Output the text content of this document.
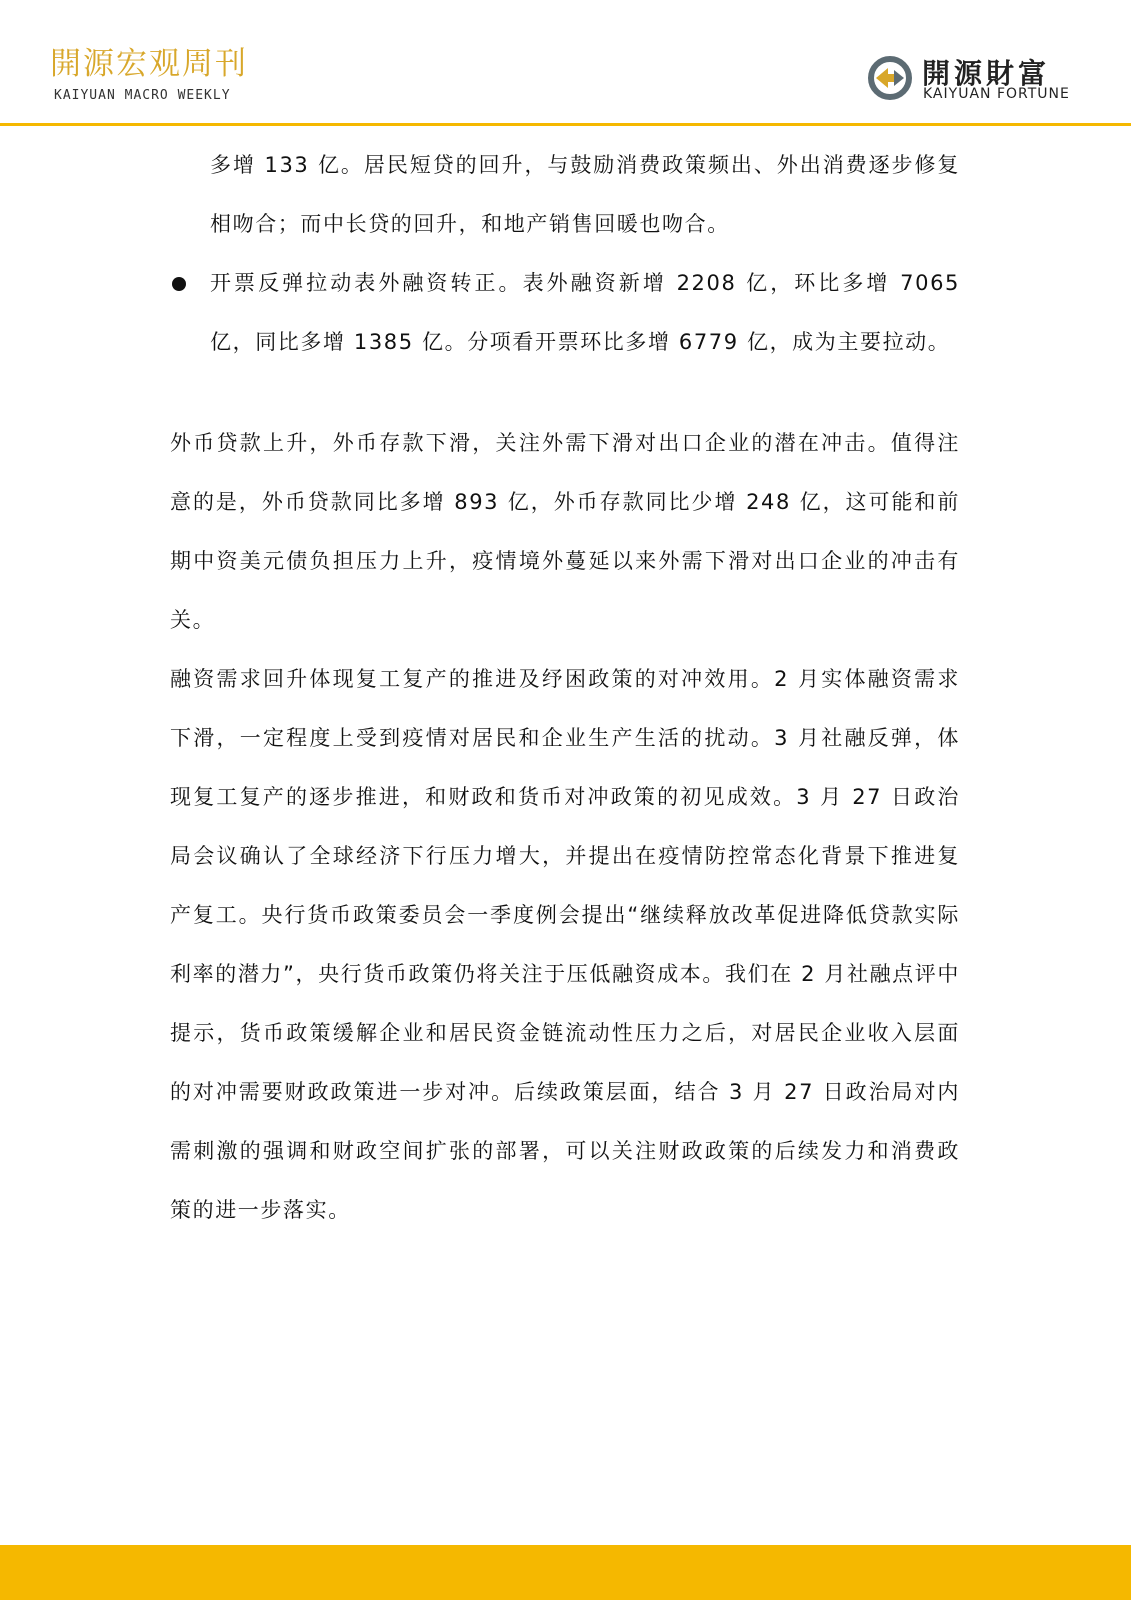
開源宏观周刊
KAIYUAN MACRO WEEKLY
開源財富
KAIYUAN FORTUNE

多增 133 亿。居民短贷的回升，与鼓励消费政策频出、外出消费逐步修复相吻合；而中长贷的回升，和地产销售回暖也吻合。

开票反弹拉动表外融资转正。表外融资新增 2208 亿，环比多增 7065 亿，同比多增 1385 亿。分项看开票环比多增 6779 亿，成为主要拉动。

外币贷款上升，外币存款下滑，关注外需下滑对出口企业的潜在冲击。值得注意的是，外币贷款同比多增 893 亿，外币存款同比少增 248 亿，这可能和前期中资美元债负担压力上升，疫情境外蔓延以来外需下滑对出口企业的冲击有关。

融资需求回升体现复工复产的推进及纾困政策的对冲效用。2 月实体融资需求下滑，一定程度上受到疫情对居民和企业生产生活的扰动。3 月社融反弹，体现复工复产的逐步推进，和财政和货币对冲政策的初见成效。3 月 27 日政治局会议确认了全球经济下行压力增大，并提出在疫情防控常态化背景下推进复产复工。央行货币政策委员会一季度例会提出“继续释放改革促进降低贷款实际利率的潜力”，央行货币政策仍将关注于压低融资成本。我们在 2 月社融点评中提示，货币政策缓解企业和居民资金链流动性压力之后，对居民企业收入层面的对冲需要财政政策进一步对冲。后续政策层面，结合 3 月 27 日政治局对内需刺激的强调和财政空间扩张的部署，可以关注财政政策的后续发力和消费政策的进一步落实。
